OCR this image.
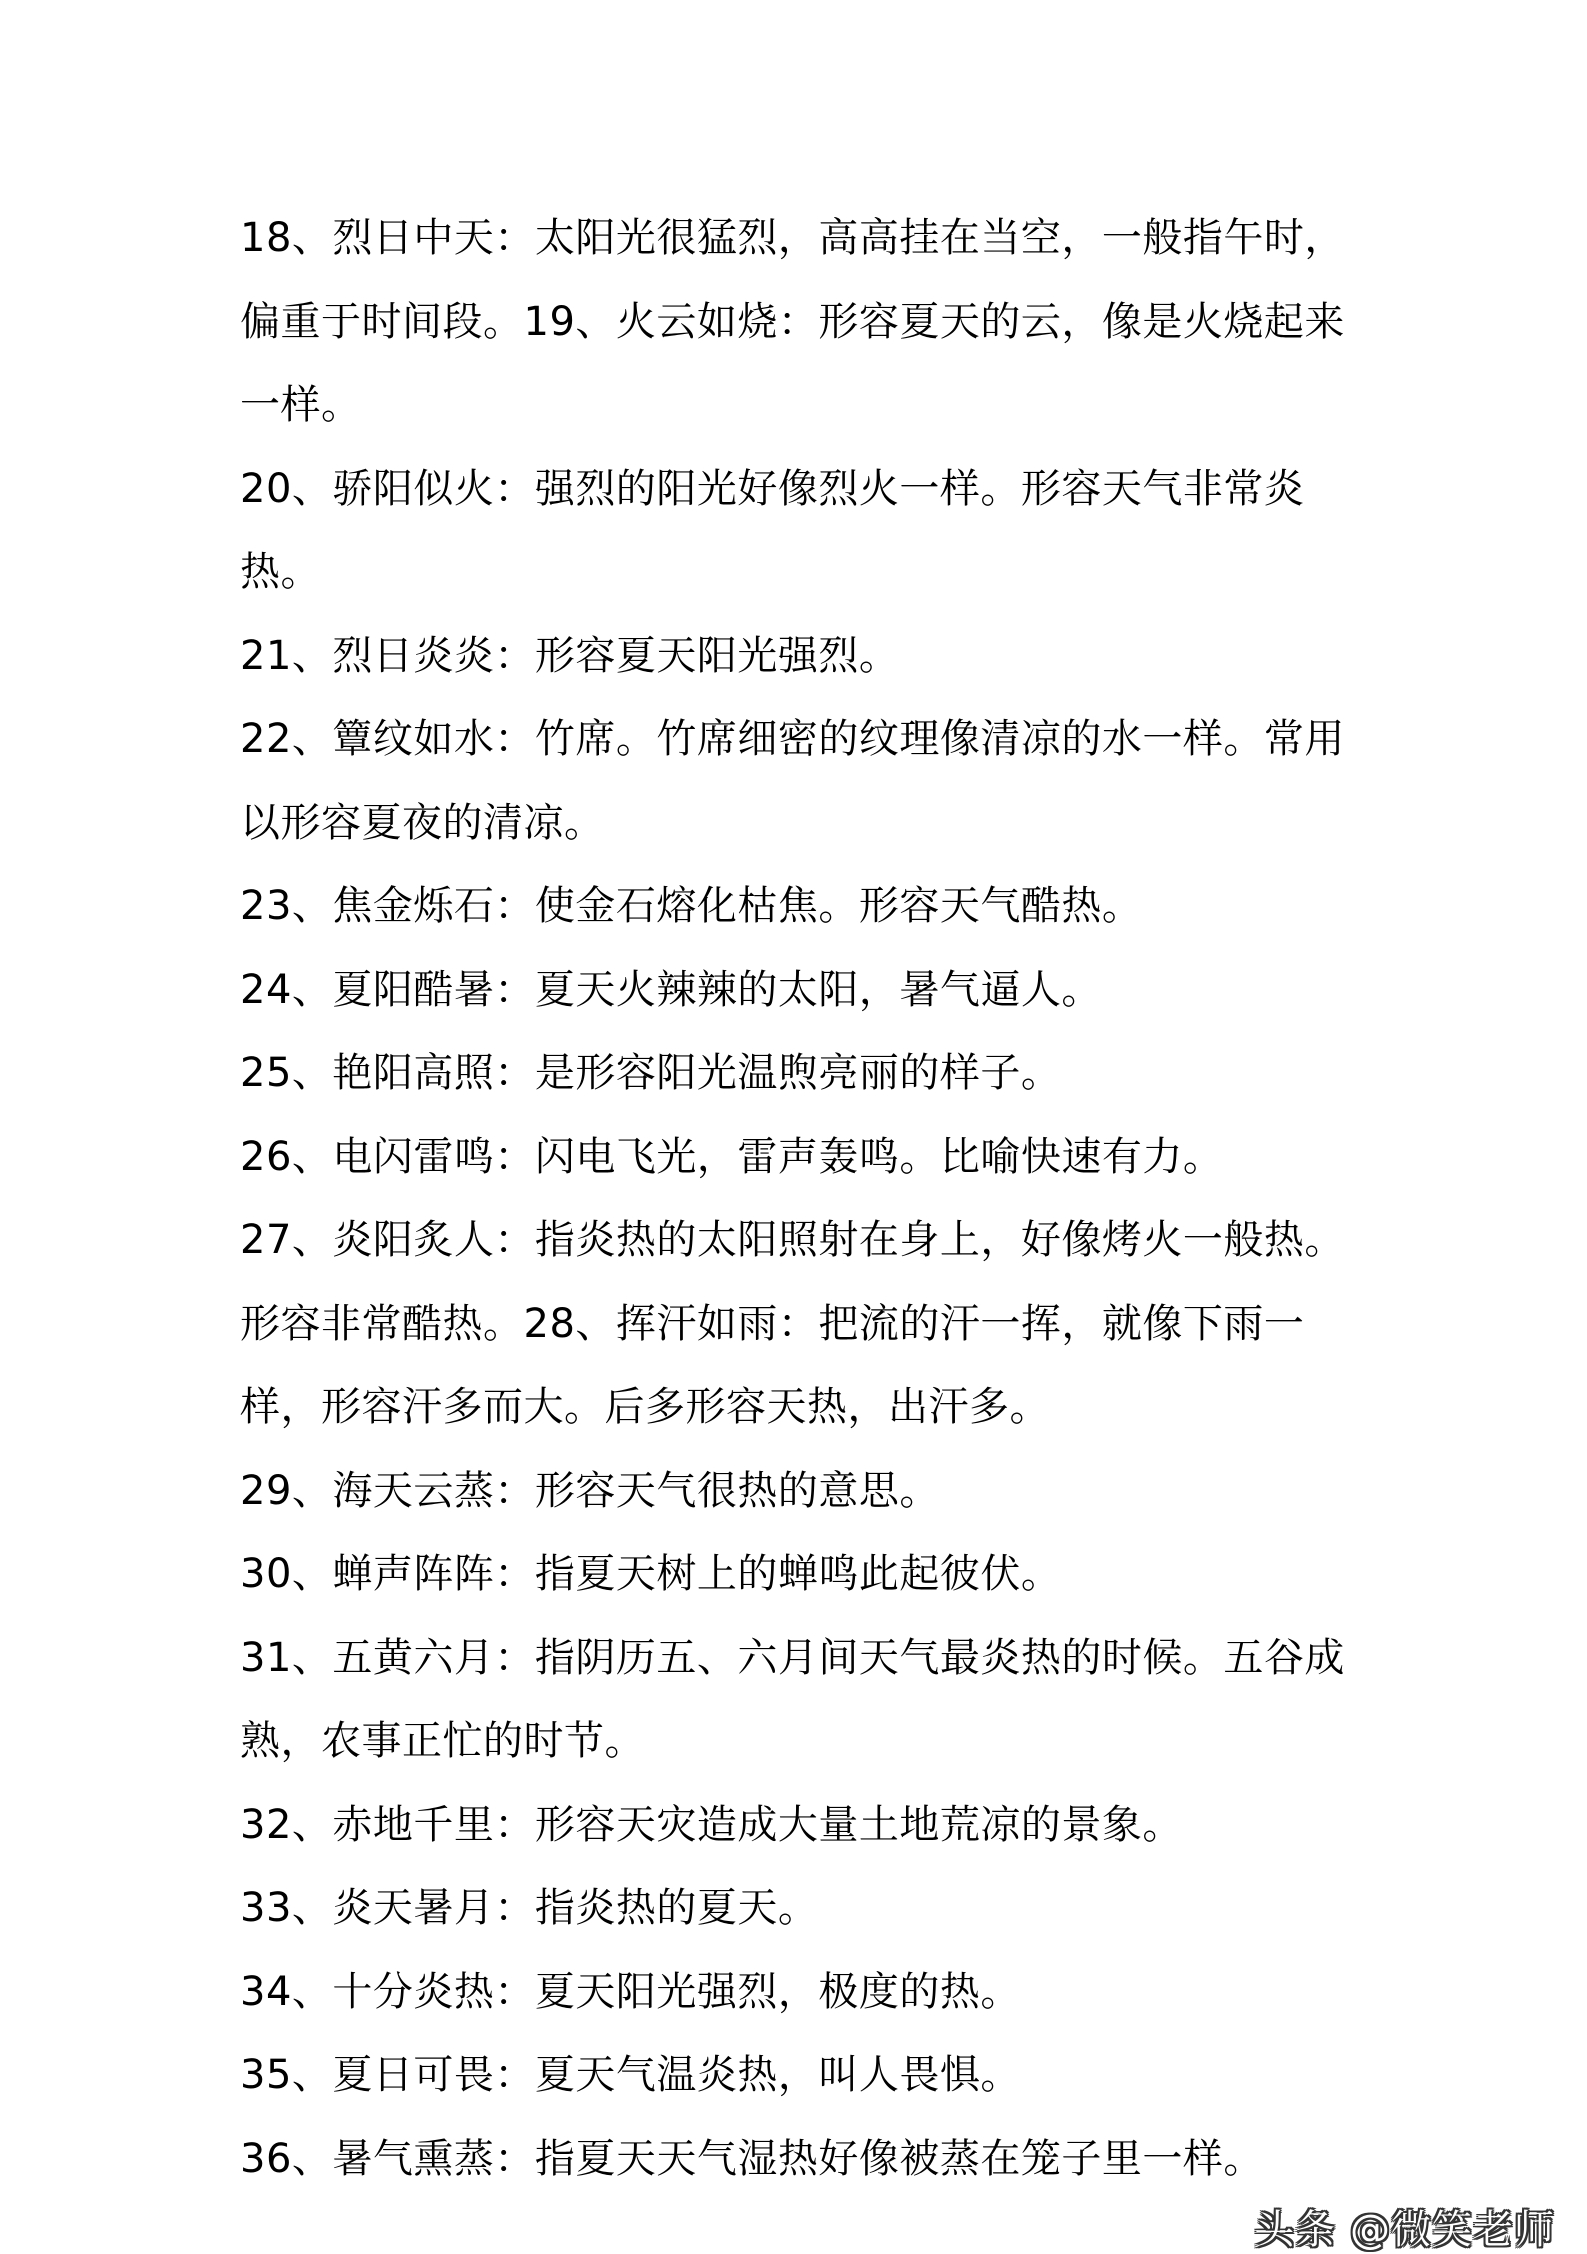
18、烈日中天：太阳光很猛烈，高高挂在当空，一般指午时，偏重于时间段。19、火云如烧：形容夏天的云，像是火烧起来一样。

20、骄阳似火：强烈的阳光好像烈火一样。形容天气非常炎热。

21、烈日炎炎：形容夏天阳光强烈。

22、簟纹如水：竹席。竹席细密的纹理像清凉的水一样。常用以形容夏夜的清凉。

23、焦金烁石：使金石熔化枯焦。形容天气酷热。

24、夏阳酷暑：夏天火辣辣的太阳，暑气逼人。

25、艳阳高照：是形容阳光温煦亮丽的样子。

26、电闪雷鸣：闪电飞光，雷声轰鸣。比喻快速有力。

27、炎阳炙人：指炎热的太阳照射在身上，好像烤火一般热。形容非常酷热。28、挥汗如雨：把流的汗一挥，就像下雨一样，形容汗多而大。后多形容天热，出汗多。

29、海天云蒸：形容天气很热的意思。

30、蝉声阵阵：指夏天树上的蝉鸣此起彼伏。

31、五黄六月：指阴历五、六月间天气最炎热的时候。五谷成熟，农事正忙的时节。

32、赤地千里：形容天灾造成大量土地荒凉的景象。

33、炎天暑月：指炎热的夏天。

34、十分炎热：夏天阳光强烈，极度的热。

35、夏日可畏：夏天气温炎热，叫人畏惧。

36、暑气熏蒸：指夏天天气湿热好像被蒸在笼子里一样。

头条 @微笑老师
